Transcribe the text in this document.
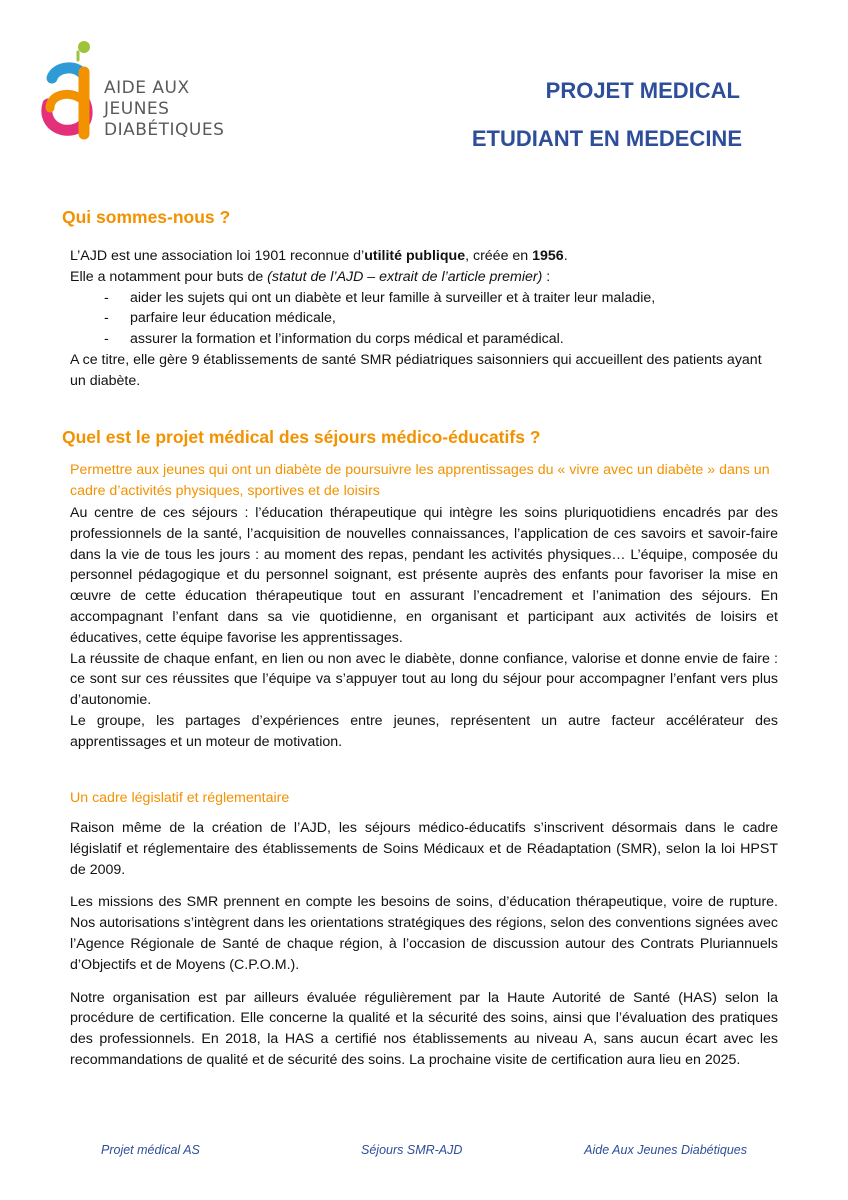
AIDE AUX
JEUNES
DIABÉTIQUES
PROJET MEDICAL
ETUDIANT EN MEDECINE
Qui sommes-nous ?

L’AJD est une association loi 1901 reconnue d’utilité publique, créée en 1956.

Elle a notamment pour buts de (statut de l’AJD – extrait de l’article premier) :

- aider les sujets qui ont un diabète et leur famille à surveiller et à traiter leur maladie,
- parfaire leur éducation médicale,
- assurer la formation et l’information du corps médical et paramédical.

A ce titre, elle gère 9 établissements de santé SMR pédiatriques saisonniers qui accueillent des patients ayant un diabète.

Quel est le projet médical des séjours médico-éducatifs ?
Permettre aux jeunes qui ont un diabète de poursuivre les apprentissages du « vivre avec un diabète » dans un cadre d’activités physiques, sportives et de loisirs

Au centre de ces séjours : l’éducation thérapeutique qui intègre les soins pluriquotidiens encadrés par des professionnels de la santé, l’acquisition de nouvelles connaissances, l’application de ces savoirs et savoir-faire dans la vie de tous les jours : au moment des repas, pendant les activités physiques… L’équipe, composée du personnel pédagogique et du personnel soignant, est présente auprès des enfants pour favoriser la mise en œuvre de cette éducation thérapeutique tout en assurant l’encadrement et l’animation des séjours. En accompagnant l’enfant dans sa vie quotidienne, en organisant et participant aux activités de loisirs et éducatives, cette équipe favorise les apprentissages.

La réussite de chaque enfant, en lien ou non avec le diabète, donne confiance, valorise et donne envie de faire : ce sont sur ces réussites que l’équipe va s’appuyer tout au long du séjour pour accompagner l’enfant vers plus d’autonomie.

Le groupe, les partages d’expériences entre jeunes, représentent un autre facteur accélérateur des apprentissages et un moteur de motivation.

Un cadre législatif et réglementaire

Raison même de la création de l’AJD, les séjours médico-éducatifs s’inscrivent désormais dans le cadre législatif et réglementaire des établissements de Soins Médicaux et de Réadaptation (SMR), selon la loi HPST de 2009.

Les missions des SMR prennent en compte les besoins de soins, d’éducation thérapeutique, voire de rupture. Nos autorisations s’intègrent dans les orientations stratégiques des régions, selon des conventions signées avec l’Agence Régionale de Santé de chaque région, à l’occasion de discussion autour des Contrats Pluriannuels d’Objectifs et de Moyens (C.P.O.M.).

Notre organisation est par ailleurs évaluée régulièrement par la Haute Autorité de Santé (HAS) selon la procédure de certification. Elle concerne la qualité et la sécurité des soins, ainsi que l’évaluation des pratiques des professionnels. En 2018, la HAS a certifié nos établissements au niveau A, sans aucun écart avec les recommandations de qualité et de sécurité des soins. La prochaine visite de certification aura lieu en 2025.

Projet médical AS	Séjours SMR-AJD	Aide Aux Jeunes Diabétiques
